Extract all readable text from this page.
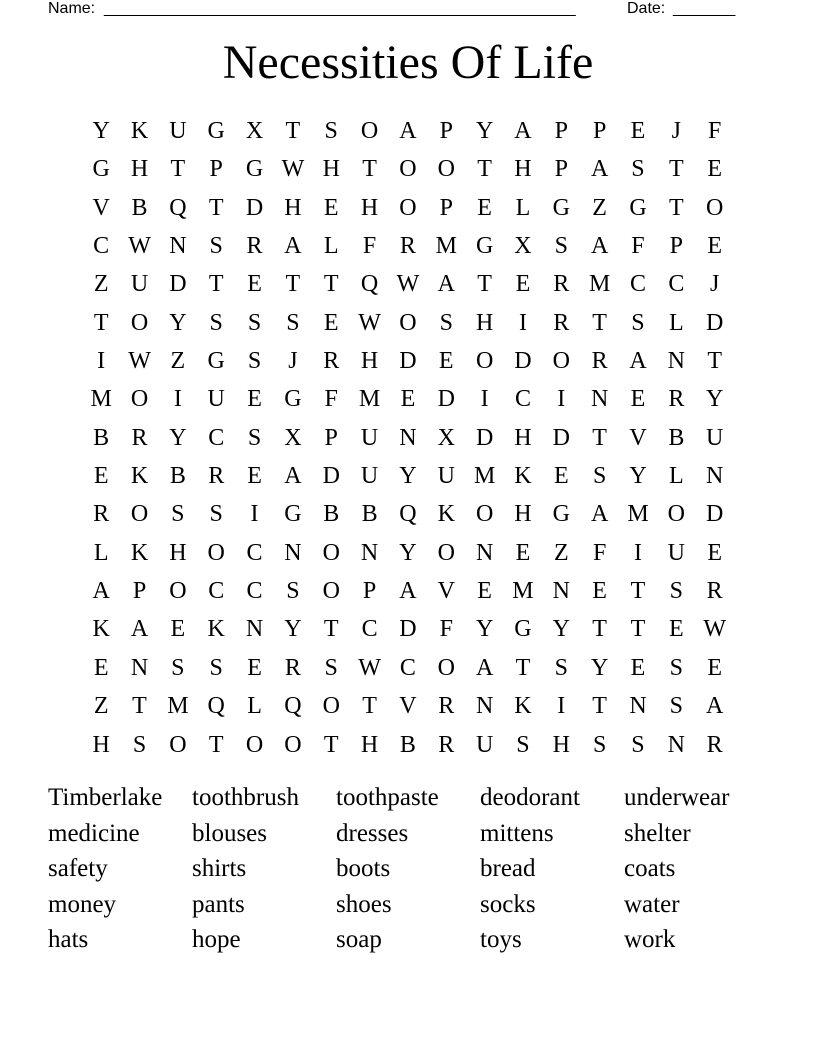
Name: _____________________________________________________	Date: _______
Necessities Of Life
Y K U G X T	S O A P Y A P	P	E	J	F
G H T	P G W H T O O T H P A S	T E
V B Q T D H E H O P	E L G Z G T O
C W N S R A L	F R M G X S A F	P	E
Z U D T E T T Q W A T E R M C C	J
T O Y S	S	S	E W O S H	I	R T	S	L D
I W Z G S	J	R H D E O D O R A N T
M O	I	U E G F M E D	I	C	I	N E R Y
B R Y C S X P U N X D H D T V B U
E K B R E A D U Y U M K E	S Y L N
R O S	S	I	G B B Q K O H G A M O D
L K H O C N O N Y O N E Z	F	I	U E
A P O C C S O P A V E M N E T	S R
K A E K N Y T C D F Y G Y T T E W
E N S	S	E R S W C O A T	S Y E	S	E
Z T M Q L Q O T V R N K	I	T N S A
H S O T O O T H B R U S H S	S N R
Timberlake	toothbrush	toothpaste	deodorant	underwear
medicine	blouses	dresses	mittens	shelter
safety	shirts	boots	bread	coats
money	pants	shoes	socks	water
hats	hope	soap	toys	work
